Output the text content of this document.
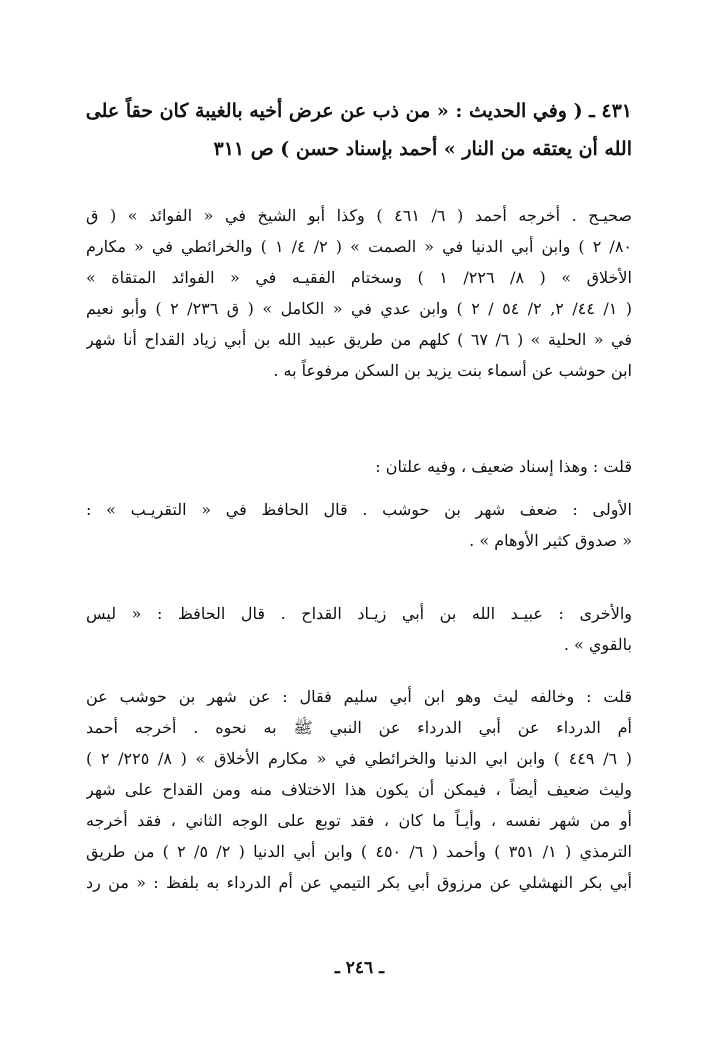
٤٣١ ـ ( وفي الحديث : « من ذب عن عرض أخيه بالغيبة كان حقاً على
الله أن يعتقه من النار » أحمد بإسناد حسن ) ص ٣١١
صحيـح . أخرجه أحمد ( ٦/ ٤٦١ ) وكذا أبو الشيخ في « الفوائد » ( ق
٨٠/ ٢ ) وابن أبي الدنيا في « الصمت » ( ٢/ ٤/ ١ ) والخرائطي في « مكارم
الأخلاق » ( ٨/ ٢٢٦/ ١ ) وسختام الفقيـه في « الفوائد المتقاة »
( ١/ ٤٤/ ٢, ٢/ ٥٤ / ٢ ) وابن عدي في « الكامل » ( ق ٢٣٦/ ٢ ) وأبو نعيم
في « الحلية » ( ٦/ ٦٧ ) كلهم من طريق عبيد الله بن أبي زياد القداح أنا شهر
ابن حوشب عن أسماء بنت يزيد بن السكن مرفوعاً به .
قلت : وهذا إسناد ضعيف ، وفيه علتان :
الأولى : ضعف شهر بن حوشب . قال الحافظ في « التقريـب » :
« صدوق كثير الأوهام » .
والأخرى : عبيـد الله بن أبي زيـاد القداح . قال الحافظ : « ليس
بالقوي » .
قلت : وخالفه ليث وهو ابن أبي سليم فقال : عن شهر بن حوشب عن
أم الدرداء عن أبي الدرداء عن النبي ﷺ به نحوه . أخرجه أحمد
( ٦/ ٤٤٩ ) وابن ابي الدنيا والخرائطي في « مكارم الأخلاق » ( ٨/ ٢٢٥/ ٢ )
وليث ضعيف أيضاً ، فيمكن أن يكون هذا الاختلاف منه ومن القداح على شهر
أو من شهر نفسه ، وأيـاً ما كان ، فقد توبع على الوجه الثاني ، فقد أخرجه
الترمذي ( ١/ ٣٥١ ) وأحمد ( ٦/ ٤٥٠ ) وابن أبي الدنيا ( ٢/ ٥/ ٢ ) من طريق
أبي بكر النهشلي عن مرزوق أبي بكر التيمي عن أم الدرداء به بلفظ : « من رد
ـ ٢٤٦ ـ
